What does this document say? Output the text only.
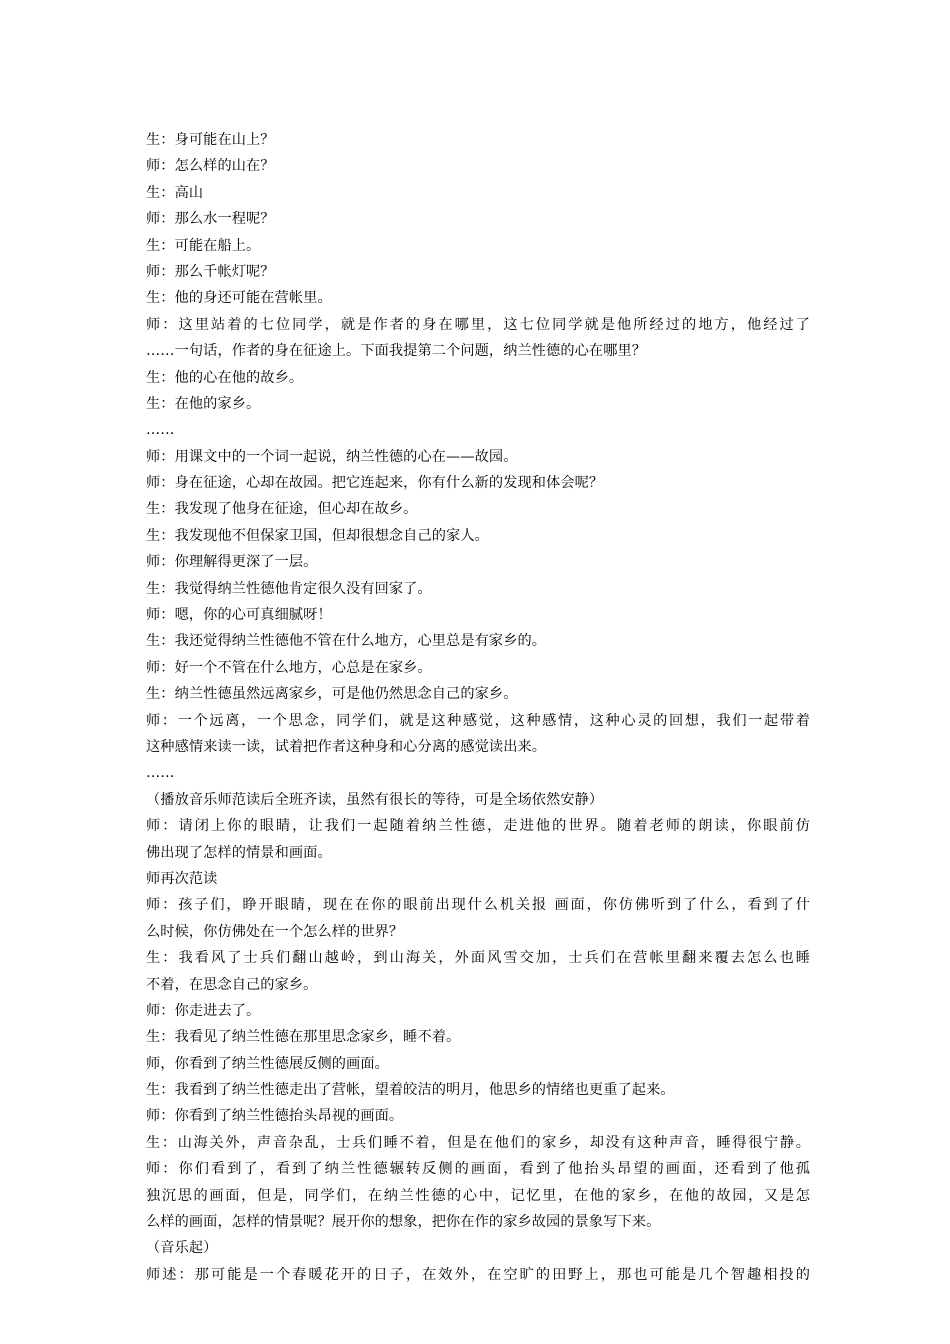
生：身可能在山上？
师：怎么样的山在？
生：高山
师：那么水一程呢？
生：可能在船上。
师：那么千帐灯呢？
生：他的身还可能在营帐里。
师：这里站着的七位同学，就是作者的身在哪里，这七位同学就是他所经过的地方，他经过了
……一句话，作者的身在征途上。下面我提第二个问题，纳兰性德的心在哪里？
生：他的心在他的故乡。
生：在他的家乡。
……
师：用课文中的一个词一起说，纳兰性德的心在——故园。
师：身在征途，心却在故园。把它连起来，你有什么新的发现和体会呢？
生：我发现了他身在征途，但心却在故乡。
生：我发现他不但保家卫国，但却很想念自己的家人。
师：你理解得更深了一层。
生：我觉得纳兰性德他肯定很久没有回家了。
师：嗯，你的心可真细腻呀！
生：我还觉得纳兰性德他不管在什么地方，心里总是有家乡的。
师：好一个不管在什么地方，心总是在家乡。
生：纳兰性德虽然远离家乡，可是他仍然思念自己的家乡。
师：一个远离，一个思念，同学们，就是这种感觉，这种感情，这种心灵的回想，我们一起带着
这种感情来读一读，试着把作者这种身和心分离的感觉读出来。
……
（播放音乐师范读后全班齐读，虽然有很长的等待，可是全场依然安静）
师：请闭上你的眼睛，让我们一起随着纳兰性德，走进他的世界。随着老师的朗读，你眼前仿
佛出现了怎样的情景和画面。
师再次范读
师：孩子们，睁开眼睛，现在在你的眼前出现什么机关报 画面，你仿佛听到了什么，看到了什
么时候，你仿佛处在一个怎么样的世界？
生：我看风了士兵们翻山越岭，到山海关，外面风雪交加，士兵们在营帐里翻来覆去怎么也睡
不着，在思念自己的家乡。
师：你走进去了。
生：我看见了纳兰性德在那里思念家乡，睡不着。
师，你看到了纳兰性德展反侧的画面。
生：我看到了纳兰性德走出了营帐，望着皎洁的明月，他思乡的情绪也更重了起来。
师：你看到了纳兰性德抬头昂视的画面。
生：山海关外，声音杂乱，士兵们睡不着，但是在他们的家乡，却没有这种声音，睡得很宁静。
师：你们看到了，看到了纳兰性德辗转反侧的画面，看到了他抬头昂望的画面，还看到了他孤
独沉思的画面，但是，同学们，在纳兰性德的心中，记忆里，在他的家乡，在他的故园，又是怎
么样的画面，怎样的情景呢？展开你的想象，把你在作的家乡故园的景象写下来。
（音乐起）
师述：那可能是一个春暖花开的日子，在效外，在空旷的田野上，那也可能是几个智趣相投的
